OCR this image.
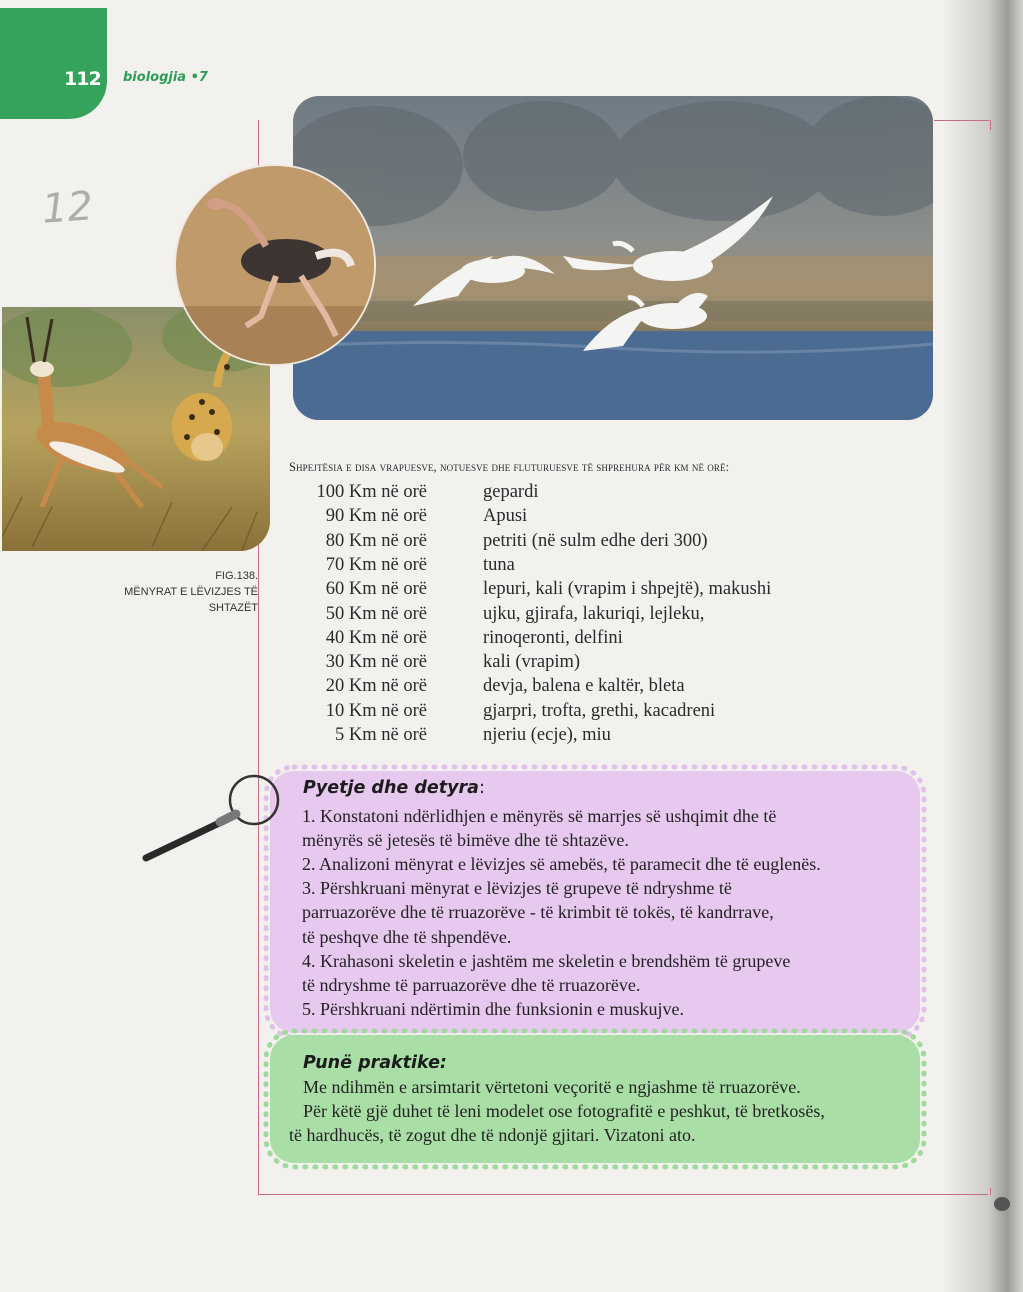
112 biologjia •7
12
FIG.138.
MËNYRAT E LËVIZJES TË
SHTAZËT
Shpejtësia e disa vrapuesve, notuesve dhe fluturuesve të shprehura për km në orë:
100 Km në orë	gepardi
90 Km në orë	Apusi
80 Km në orë	petriti (në sulm edhe deri 300)
70 Km në orë	tuna
60 Km në orë	lepuri, kali (vrapim i shpejtë), makushi
50 Km në orë	ujku, gjirafa, lakuriqi, lejleku,
40 Km në orë	rinoqeronti, delfini
30 Km në orë	kali (vrapim)
20 Km në orë	devja, balena e kaltër, bleta
10 Km në orë	gjarpri, trofta, grethi, kacadreni
5 Km në orë	njeriu (ecje), miu
Pyetje dhe detyra:
1. Konstatoni ndërlidhjen e mënyrës së marrjes së ushqimit dhe të
mënyrës së jetesës të bimëve dhe të shtazëve.
2. Analizoni mënyrat e lëvizjes së amebës, të paramecit dhe të euglenës.
3. Përshkruani mënyrat e lëvizjes të grupeve të ndryshme të
parruazorëve dhe të rruazorëve - të krimbit të tokës, të kandrrave,
të peshqve dhe të shpendëve.
4. Krahasoni skeletin e jashtëm me skeletin e brendshëm të grupeve
të ndryshme të parruazorëve dhe të rruazorëve.
5. Përshkruani ndërtimin dhe funksionin e muskujve.
Punë praktike:
Me ndihmën e arsimtarit vërtetoni veçoritë e ngjashme të rruazorëve.
Për këtë gjë duhet të leni modelet ose fotografitë e peshkut, të bretkosës,
të hardhucës, të zogut dhe të ndonjë gjitari. Vizatoni ato.
